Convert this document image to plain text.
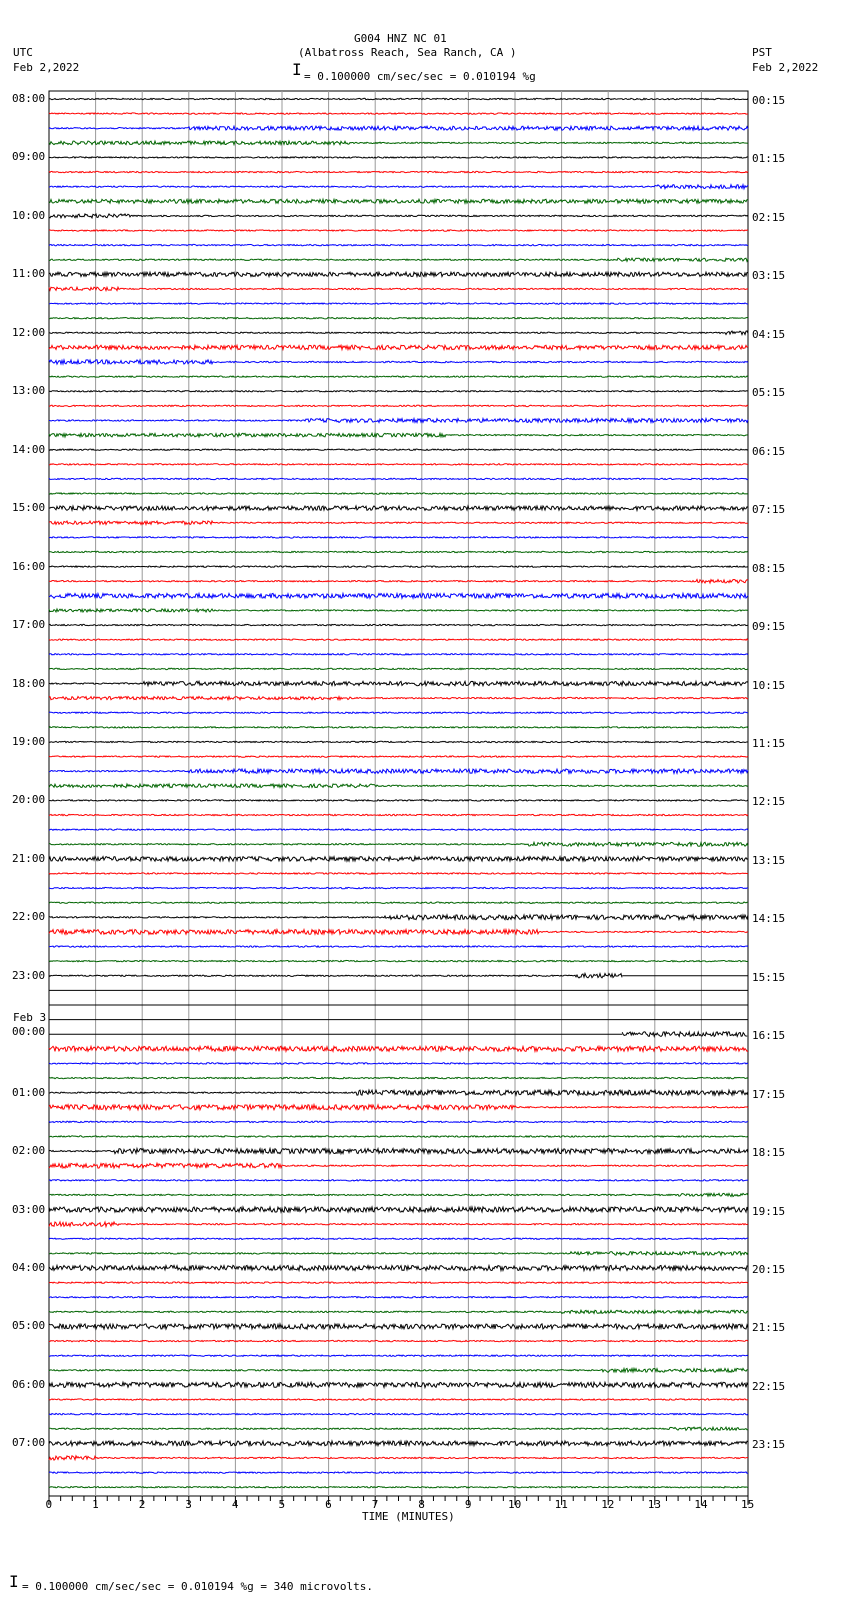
G004 HNZ NC 01
(Albatross Reach, Sea Ranch, CA )
= 0.100000 cm/sec/sec = 0.010194 %g
I
UTC
Feb 2,2022
PST
Feb 2,2022
08:00
09:00
10:00
11:00
12:00
13:00
14:00
15:00
16:00
17:00
18:00
19:00
20:00
21:00
22:00
23:00
00:00
01:00
02:00
03:00
04:00
05:00
06:00
07:00
00:15
01:15
02:15
03:15
04:15
05:15
06:15
07:15
08:15
09:15
10:15
11:15
12:15
13:15
14:15
15:15
16:15
17:15
18:15
19:15
20:15
21:15
22:15
23:15
Feb 3
TIME (MINUTES)
0	1	2	3	4	5	6	7	8	9	10	11	12	13	14	15
I = 0.100000 cm/sec/sec = 0.010194 %g = 340 microvolts.
